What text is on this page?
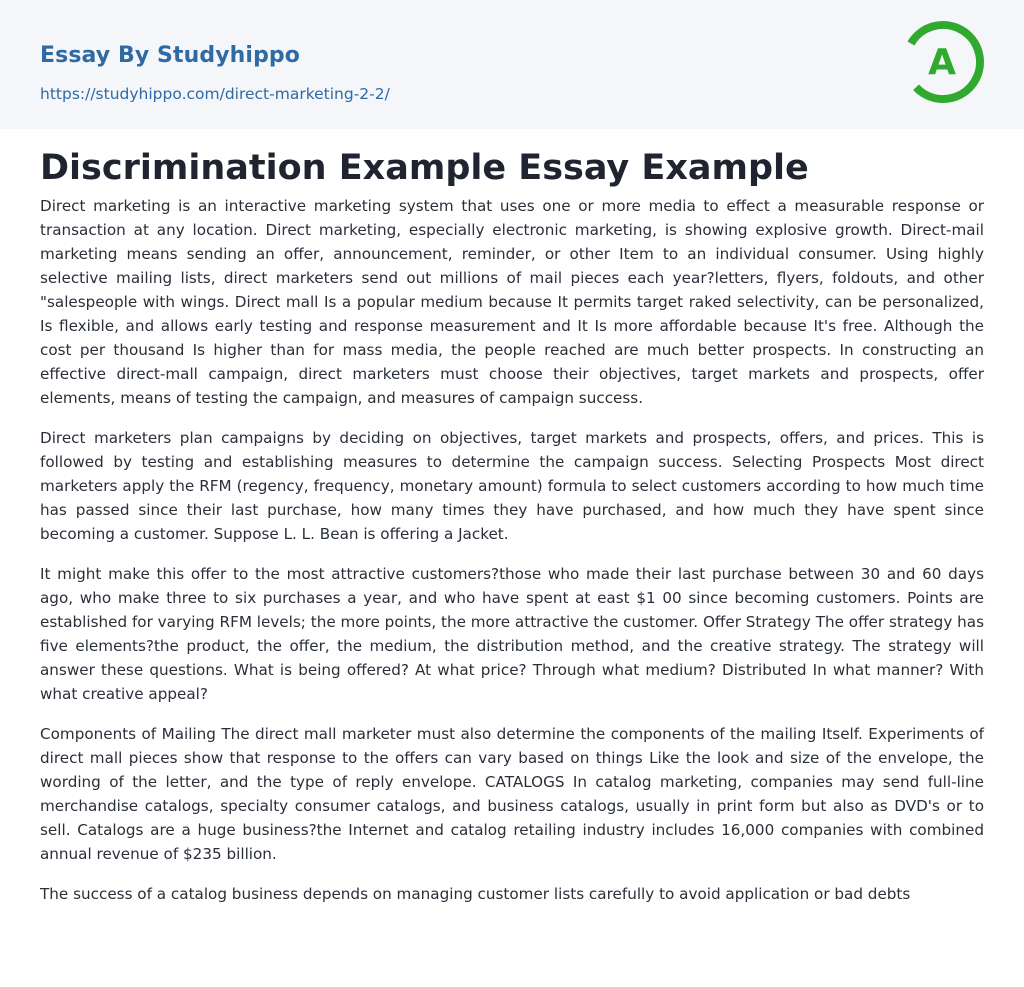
Essay By Studyhippo
https://studyhippo.com/direct-marketing-2-2/
A
Discrimination Example Essay Example

Direct marketing is an interactive marketing system that uses one or more media to effect a measurable response or transaction at any location. Direct marketing, especially electronic marketing, is showing explosive growth. Direct-mail marketing means sending an offer, announcement, reminder, or other Item to an individual consumer. Using highly selective mailing lists, direct marketers send out millions of mail pieces each year?letters, flyers, foldouts, and other "salespeople with wings. Direct mall Is a popular medium because It permits target raked selectivity, can be personalized, Is flexible, and allows early testing and response measurement and It Is more affordable because It's free. Although the cost per thousand Is higher than for mass media, the people reached are much better prospects. In constructing an effective direct-mall campaign, direct marketers must choose their objectives, target markets and prospects, offer elements, means of testing the campaign, and measures of campaign success.

Direct marketers plan campaigns by deciding on objectives, target markets and prospects, offers, and prices. This is followed by testing and establishing measures to determine the campaign success. Selecting Prospects Most direct marketers apply the RFM (regency, frequency, monetary amount) formula to select customers according to how much time has passed since their last purchase, how many times they have purchased, and how much they have spent since becoming a customer. Suppose L. L. Bean is offering a Jacket.

It might make this offer to the most attractive customers?those who made their last purchase between 30 and 60 days ago, who make three to six purchases a year, and who have spent at east $1 00 since becoming customers. Points are established for varying RFM levels; the more points, the more attractive the customer. Offer Strategy The offer strategy has five elements?the product, the offer, the medium, the distribution method, and the creative strategy. The strategy will answer these questions. What is being offered? At what price? Through what medium? Distributed In what manner? With what creative appeal?

Components of Mailing The direct mall marketer must also determine the components of the mailing Itself. Experiments of direct mall pieces show that response to the offers can vary based on things Like the look and size of the envelope, the wording of the letter, and the type of reply envelope. CATALOGS In catalog marketing, companies may send full-line merchandise catalogs, specialty consumer catalogs, and business catalogs, usually in print form but also as DVD's or to sell. Catalogs are a huge business?the Internet and catalog retailing industry includes 16,000 companies with combined annual revenue of $235 billion.

The success of a catalog business depends on managing customer lists carefully to avoid application or bad debts
